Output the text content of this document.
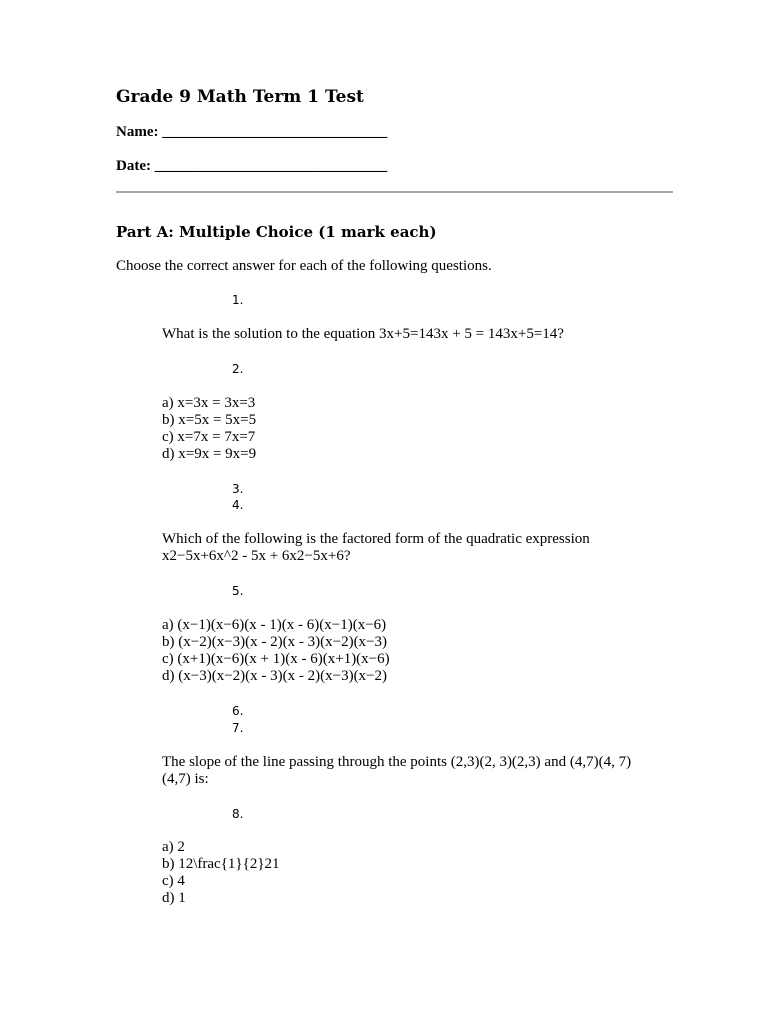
Grade 9 Math Term 1 Test
Name: ______________________________
Date: _______________________________
Part A: Multiple Choice (1 mark each)
Choose the correct answer for each of the following questions.
1.
What is the solution to the equation 3x+5=143x + 5 = 143x+5=14?
2.
a) x=3x = 3x=3
b) x=5x = 5x=5
c) x=7x = 7x=7
d) x=9x = 9x=9
3.
4.
Which of the following is the factored form of the quadratic expression
x2−5x+6x^2 - 5x + 6x2−5x+6?
5.
a) (x−1)(x−6)(x - 1)(x - 6)(x−1)(x−6)
b) (x−2)(x−3)(x - 2)(x - 3)(x−2)(x−3)
c) (x+1)(x−6)(x + 1)(x - 6)(x+1)(x−6)
d) (x−3)(x−2)(x - 3)(x - 2)(x−3)(x−2)
6.
7.
The slope of the line passing through the points (2,3)(2, 3)(2,3) and (4,7)(4, 7)
(4,7) is:
8.
a) 2
b) 12\frac{1}{2}21
c) 4
d) 1
